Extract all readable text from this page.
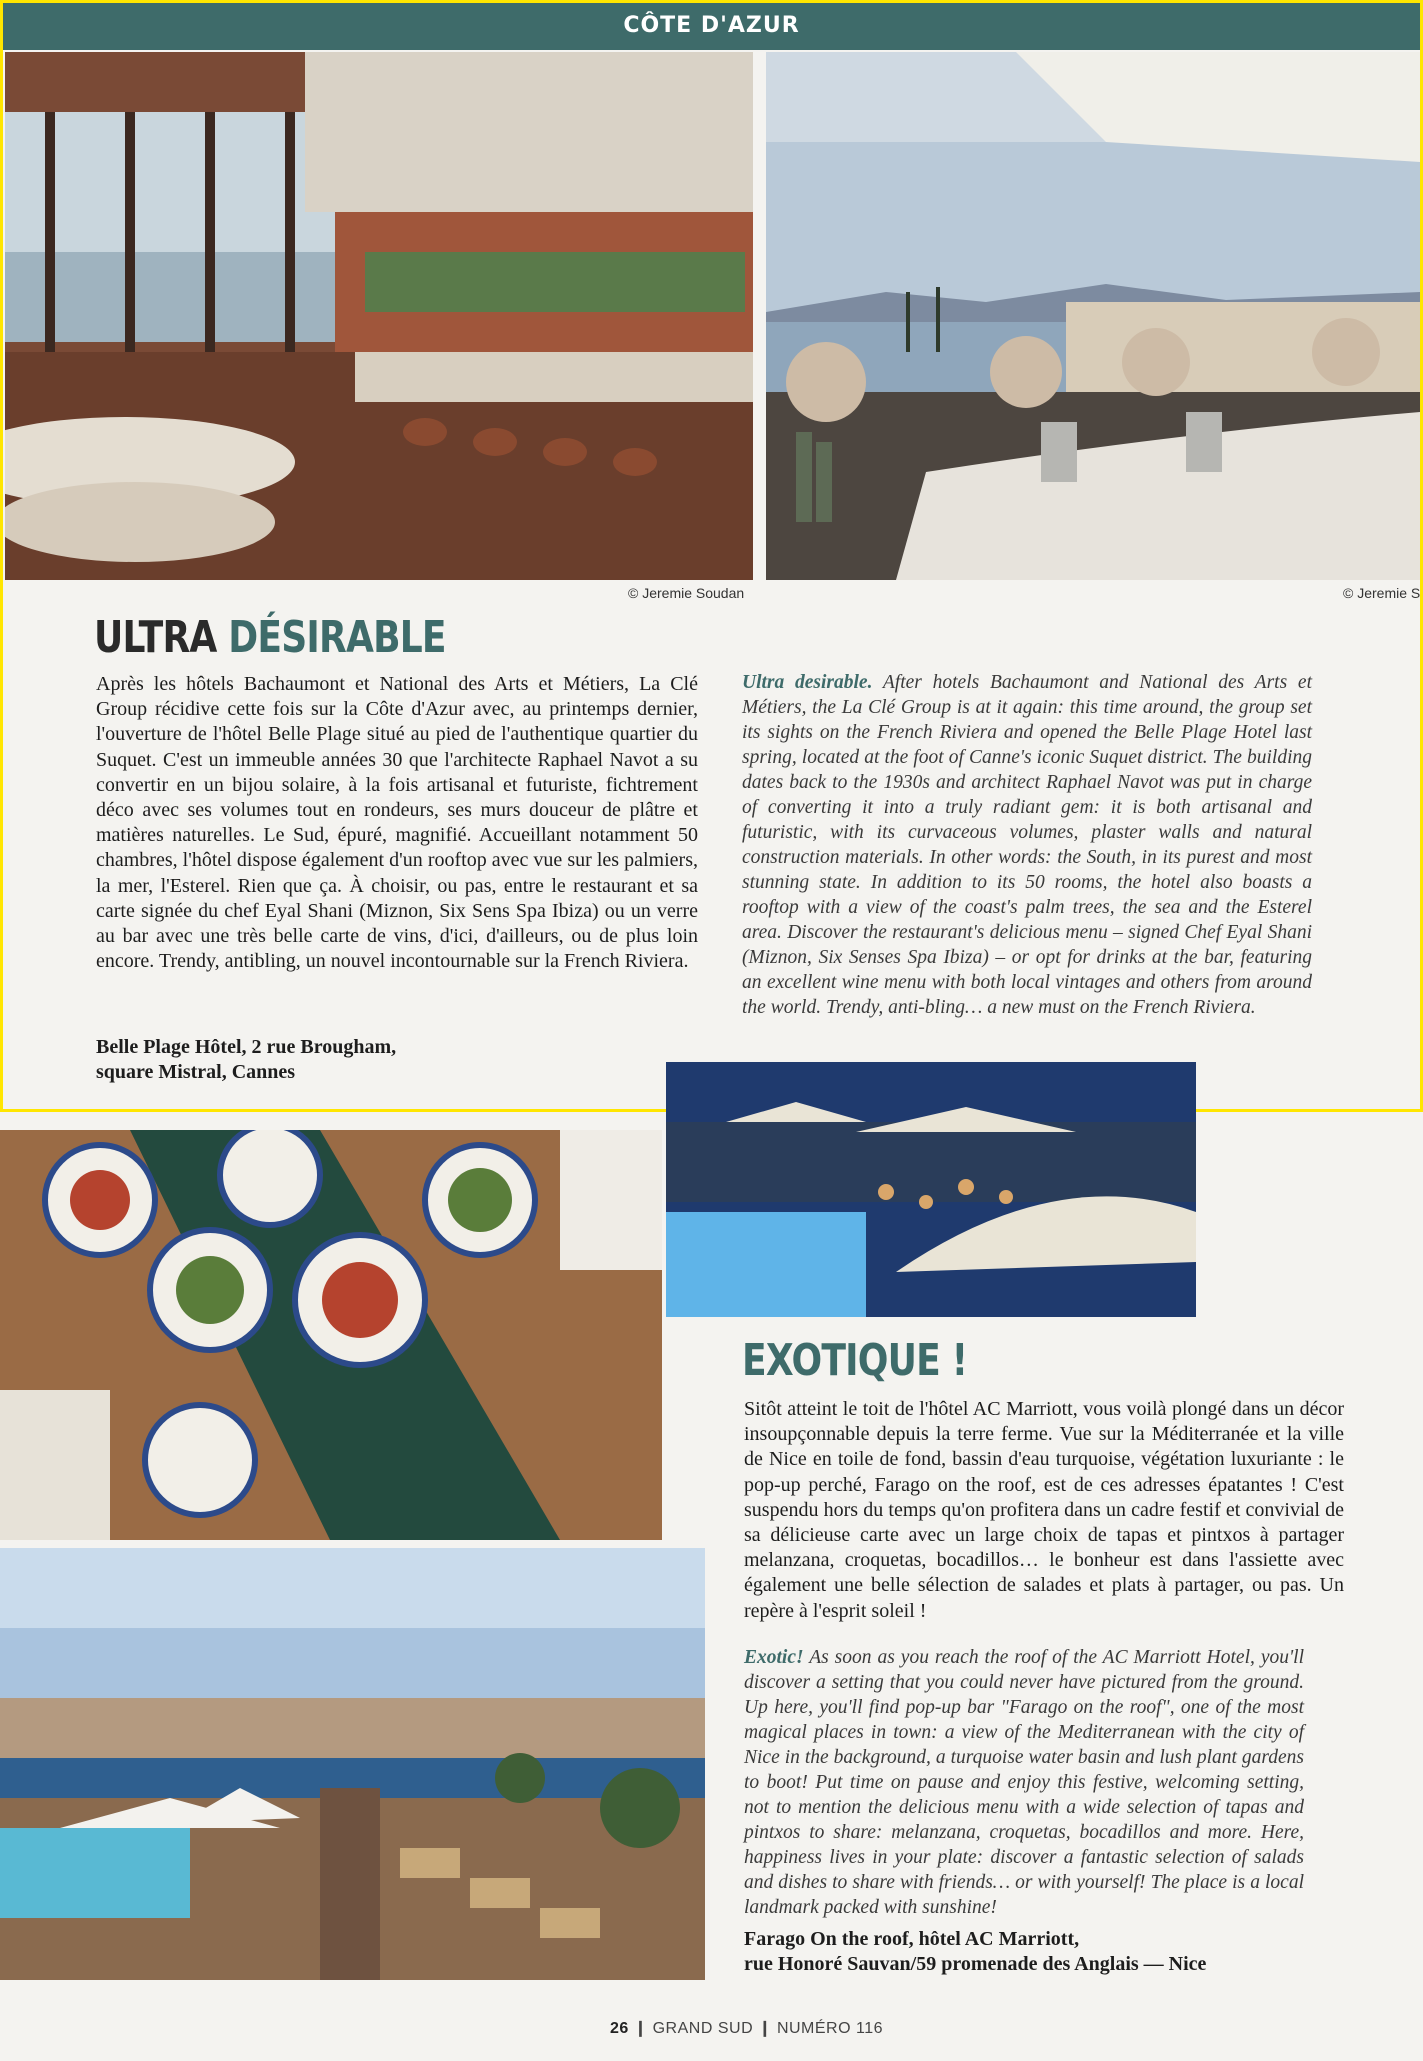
CÔTE D'AZUR
© Jeremie Soudan	© Jeremie S
ULTRA DÉSIRABLE
Après les hôtels Bachaumont et National des Arts et Métiers, La Clé Group récidive cette fois sur la Côte d'Azur avec, au printemps dernier, l'ouverture de l'hôtel Belle Plage situé au pied de l'authentique quartier du Suquet. C'est un immeuble années 30 que l'architecte Raphael Navot a su convertir en un bijou solaire, à la fois artisanal et futuriste, fichtrement déco avec ses volumes tout en rondeurs, ses murs douceur de plâtre et matières naturelles. Le Sud, épuré, magnifié. Accueillant notamment 50 chambres, l'hôtel dispose également d'un rooftop avec vue sur les palmiers, la mer, l'Esterel. Rien que ça. À choisir, ou pas, entre le restaurant et sa carte signée du chef Eyal Shani (Miznon, Six Sens Spa Ibiza) ou un verre au bar avec une très belle carte de vins, d'ici, d'ailleurs, ou de plus loin encore. Trendy, antibling, un nouvel incontournable sur la French Riviera.
Belle Plage Hôtel, 2 rue Brougham,
square Mistral, Cannes
Ultra desirable. After hotels Bachaumont and National des Arts et Métiers, the La Clé Group is at it again: this time around, the group set its sights on the French Riviera and opened the Belle Plage Hotel last spring, located at the foot of Canne's iconic Suquet district. The building dates back to the 1930s and architect Raphael Navot was put in charge of converting it into a truly radiant gem: it is both artisanal and futuristic, with its curvaceous volumes, plaster walls and natural construction materials. In other words: the South, in its purest and most stunning state. In addition to its 50 rooms, the hotel also boasts a rooftop with a view of the coast's palm trees, the sea and the Esterel area. Discover the restaurant's delicious menu – signed Chef Eyal Shani (Miznon, Six Senses Spa Ibiza) – or opt for drinks at the bar, featuring an excellent wine menu with both local vintages and others from around the world. Trendy, anti-bling… a new must on the French Riviera.
EXOTIQUE !
Sitôt atteint le toit de l'hôtel AC Marriott, vous voilà plongé dans un décor insoupçonnable depuis la terre ferme. Vue sur la Méditerranée et la ville de Nice en toile de fond, bassin d'eau turquoise, végétation luxuriante : le pop-up perché, Farago on the roof, est de ces adresses épatantes ! C'est suspendu hors du temps qu'on profitera dans un cadre festif et convivial de sa délicieuse carte avec un large choix de tapas et pintxos à partager melanzana, croquetas, bocadillos… le bonheur est dans l'assiette avec également une belle sélection de salades et plats à partager, ou pas. Un repère à l'esprit soleil !
Exotic! As soon as you reach the roof of the AC Marriott Hotel, you'll discover a setting that you could never have pictured from the ground. Up here, you'll find pop-up bar "Farago on the roof", one of the most magical places in town: a view of the Mediterranean with the city of Nice in the background, a turquoise water basin and lush plant gardens to boot! Put time on pause and enjoy this festive, welcoming setting, not to mention the delicious menu with a wide selection of tapas and pintxos to share: melanzana, croquetas, bocadillos and more. Here, happiness lives in your plate: discover a fantastic selection of salads and dishes to share with friends… or with yourself! The place is a local landmark packed with sunshine!
Farago On the roof, hôtel AC Marriott,
rue Honoré Sauvan/59 promenade des Anglais — Nice
26 ❙ GRAND SUD ❙ NUMÉRO 116
